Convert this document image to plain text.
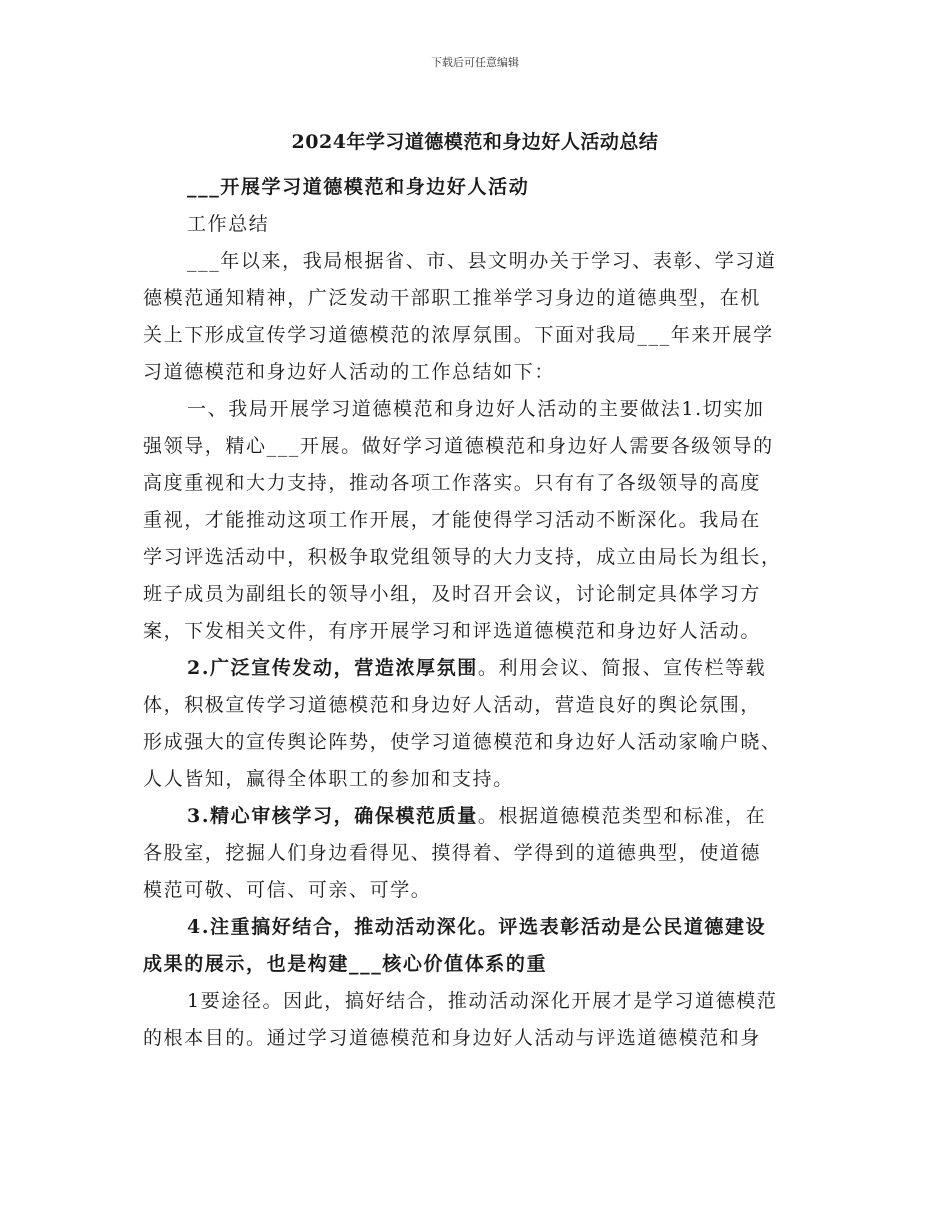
下载后可任意编辑
2024年学习道德模范和身边好人活动总结
___开展学习道德模范和身边好人活动
工作总结
___年以来，我局根据省、市、县文明办关于学习、表彰、学习道
德模范通知精神，广泛发动干部职工推举学习身边的道德典型，在机
关上下形成宣传学习道德模范的浓厚氛围。下面对我局___年来开展学
习道德模范和身边好人活动的工作总结如下：
一、我局开展学习道德模范和身边好人活动的主要做法1.切实加
强领导，精心___开展。做好学习道德模范和身边好人需要各级领导的
高度重视和大力支持，推动各项工作落实。只有有了各级领导的高度
重视，才能推动这项工作开展，才能使得学习活动不断深化。我局在
学习评选活动中，积极争取党组领导的大力支持，成立由局长为组长，
班子成员为副组长的领导小组，及时召开会议，讨论制定具体学习方
案，下发相关文件，有序开展学习和评选道德模范和身边好人活动。
2.广泛宣传发动，营造浓厚氛围。利用会议、简报、宣传栏等载
体，积极宣传学习道德模范和身边好人活动，营造良好的舆论氛围，
形成强大的宣传舆论阵势，使学习道德模范和身边好人活动家喻户晓、
人人皆知，赢得全体职工的参加和支持。
3.精心审核学习，确保模范质量。根据道德模范类型和标准，在
各股室，挖掘人们身边看得见、摸得着、学得到的道德典型，使道德
模范可敬、可信、可亲、可学。
4.注重搞好结合，推动活动深化。评选表彰活动是公民道德建设
成果的展示，也是构建___核心价值体系的重
1要途径。因此，搞好结合，推动活动深化开展才是学习道德模范
的根本目的。通过学习道德模范和身边好人活动与评选道德模范和身
